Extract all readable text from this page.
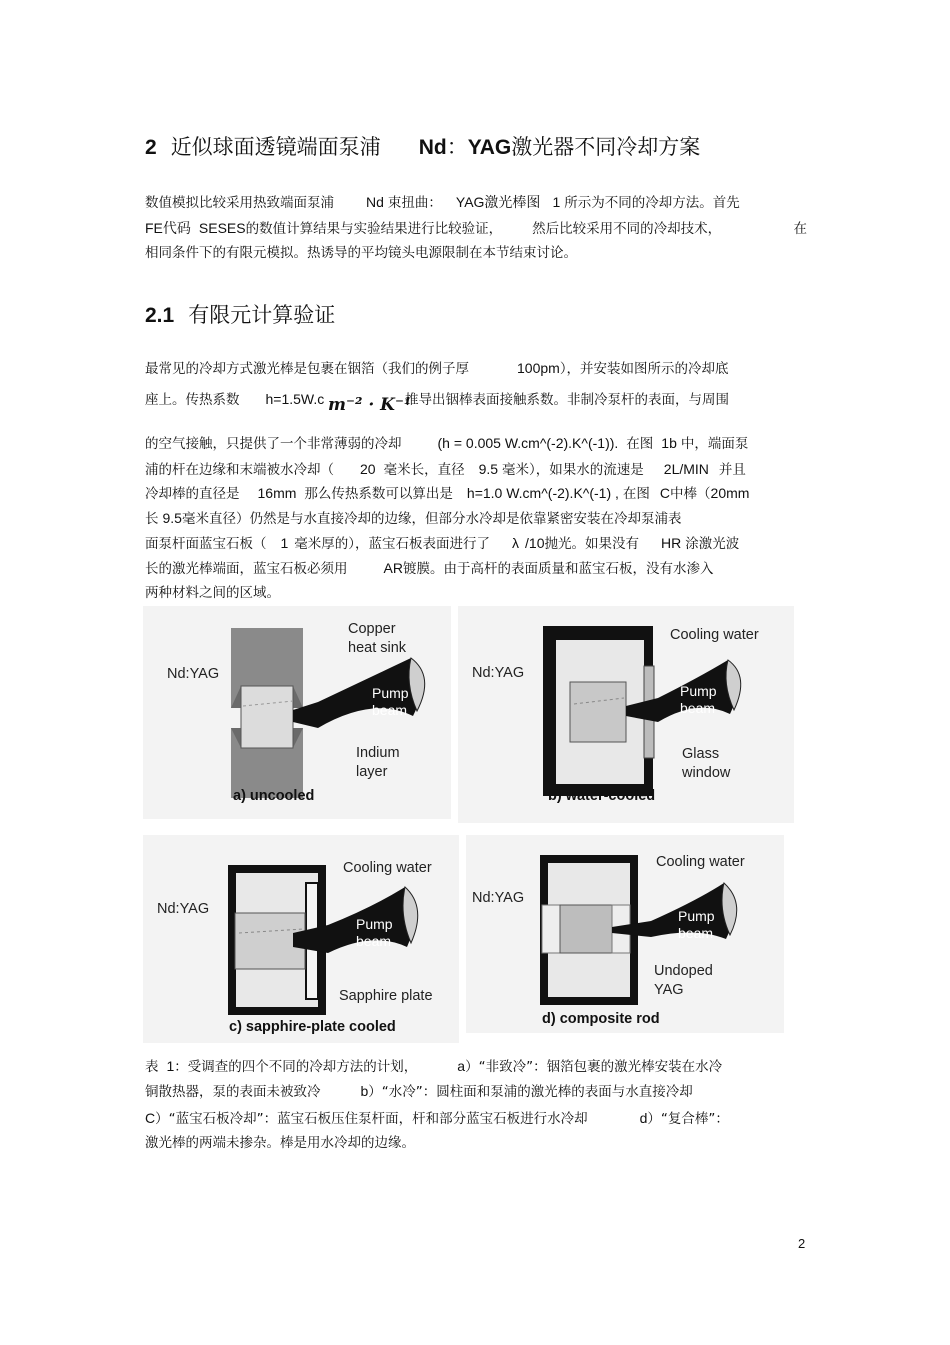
2 近似球面透镜端面泵浦 Nd：YAG激光器不同冷却方案
数值模拟比较采用热致端面泵浦 Nd 束扭曲： YAG激光棒图 1 所示为不同的冷却方法。首先
FE代码 SESES的数值计算结果与实验结果进行比较验证， 然后比较采用不同的冷却技术，	在
相同条件下的有限元模拟。热诱导的平均镜头电源限制在本节结束讨论。
2.1 有限元计算验证
最常见的冷却方式激光棒是包裹在铟箔（我们的例子厚	100pm），并安装如图所示的冷却底
座上。传热系数 h=1.5W.c m⁻² · K⁻¹
推导出铟棒表面接触系数。非制冷泵杆的表面，与周围
的空气接触，只提供了一个非常薄弱的冷却	(h = 0.005 W.cm^(-2).K^(-1)). 在图 1b 中，端面泵
浦的杆在边缘和末端被水冷却（ 20 毫米长，直径 9.5 毫米），如果水的流速是 2L/MIN 并且
冷却棒的直径是 16mm 那么传热系数可以算出是 h=1.0 W.cm^(-2).K^(-1) , 在图 C中棒（20mm
长 9.5毫米直径）仍然是与水直接冷却的边缘，但部分水冷却是依靠紧密安装在冷却泵浦表
面泵杆面蓝宝石板（ 1 毫米厚的），蓝宝石板表面进行了 λ /10抛光。如果没有 HR 涂激光波
长的激光棒端面，蓝宝石板必须用	AR镀膜。由于高杆的表面质量和蓝宝石板，没有水渗入
两种材料之间的区域。
Nd:YAG
Copper
heat sink
Pump
beam
Indium
layer
a) uncooled
Nd:YAG
Cooling water
Pump
beam
Glass
window
b) water-cooled
Nd:YAG
Cooling water
Pump
beam
Sapphire plate
c) sapphire-plate cooled
Nd:YAG
Cooling water
Pump
beam
Undoped
YAG
d) composite rod
表 1：受调查的四个不同的冷却方法的计划，	a）“非致冷”：铟箔包裹的激光棒安装在水冷
铜散热器，泵的表面未被致冷	b）“水冷”：圆柱面和泵浦的激光棒的表面与水直接冷却
C）“蓝宝石板冷却”：蓝宝石板压住泵杆面，杆和部分蓝宝石板进行水冷却	d）“复合棒”：
激光棒的两端未掺杂。棒是用水冷却的边缘。
2
